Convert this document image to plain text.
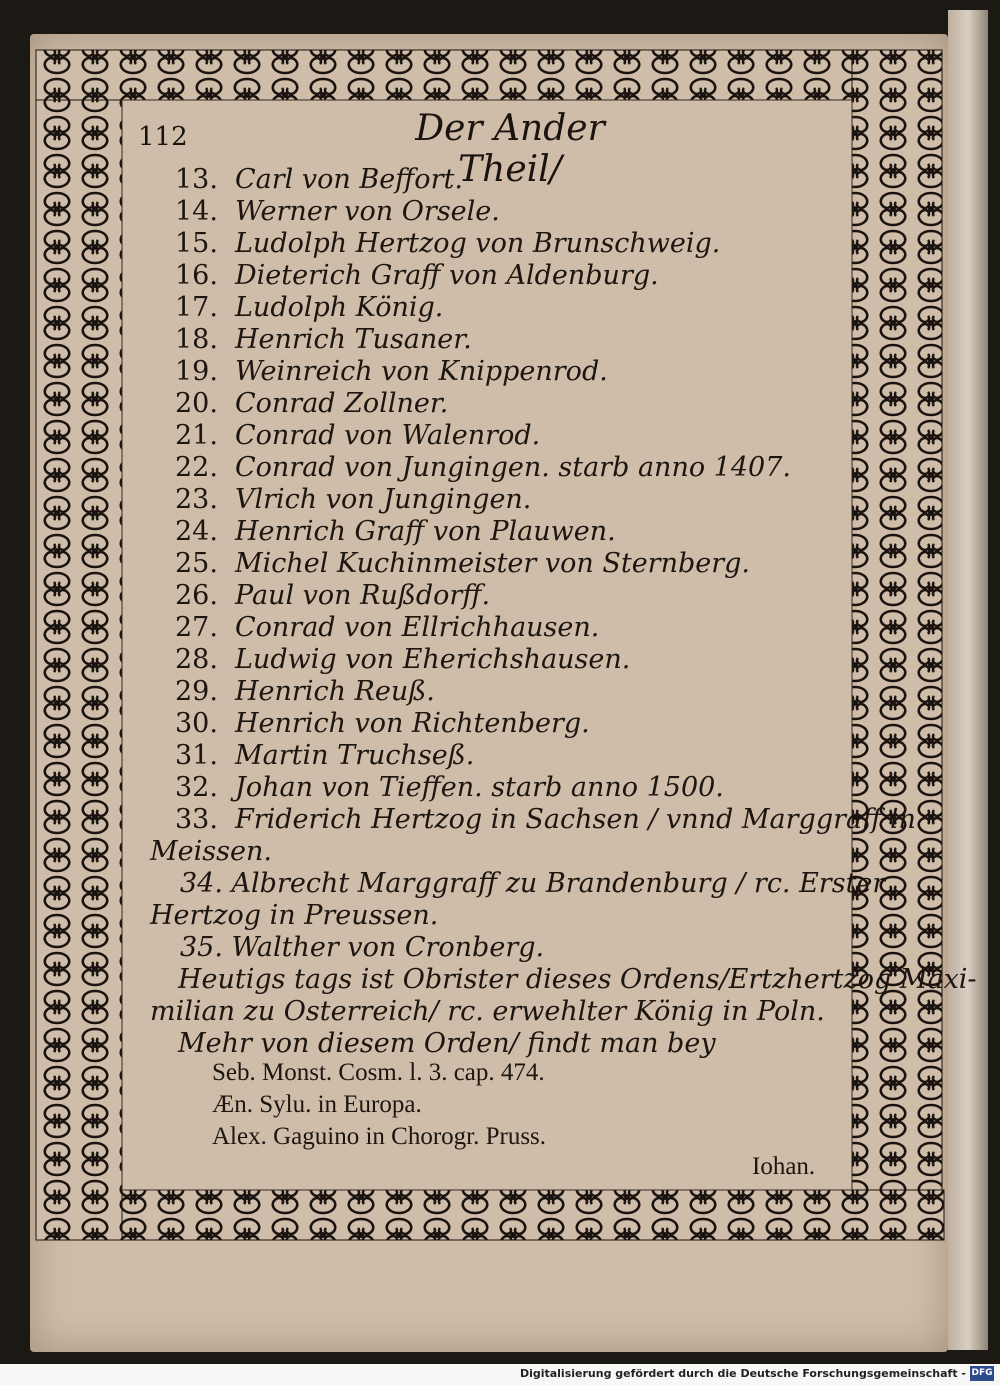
112	Der Ander Theil/
13. Carl von Beffort.
14. Werner von Orsele.
15. Ludolph Hertzog von Brunschweig.
16. Dieterich Graff von Aldenburg.
17. Ludolph König.
18. Henrich Tusaner.
19. Weinreich von Knippenrod.
20. Conrad Zollner.
21. Conrad von Walenrod.
22. Conrad von Jungingen. starb anno 1407.
23. Vlrich von Jungingen.
24. Henrich Graff von Plauwen.
25. Michel Kuchinmeister von Sternberg.
26. Paul von Rußdorff.
27. Conrad von Ellrichhausen.
28. Ludwig von Eherichshausen.
29. Henrich Reuß.
30. Henrich von Richtenberg.
31. Martin Truchseß.
32. Johan von Tieffen. starb anno 1500.
33. Friderich Hertzog in Sachsen / vnnd Marggraff in
Meissen.
34. Albrecht Marggraff zu Brandenburg / rc. Erster
Hertzog in Preussen.
35. Walther von Cronberg.
Heutigs tags ist Obrister dieses Ordens/Ertzhertzog Maxi-
milian zu Osterreich/ rc. erwehlter König in Poln.
Mehr von diesem Orden/ findt man bey
Seb. Monst. Cosm. l. 3. cap. 474.
Æn. Sylu. in Europa.
Alex. Gaguino in Chorogr. Pruss.
Iohan.
Digitalisierung gefördert durch die Deutsche Forschungsgemeinschaft - DFG
